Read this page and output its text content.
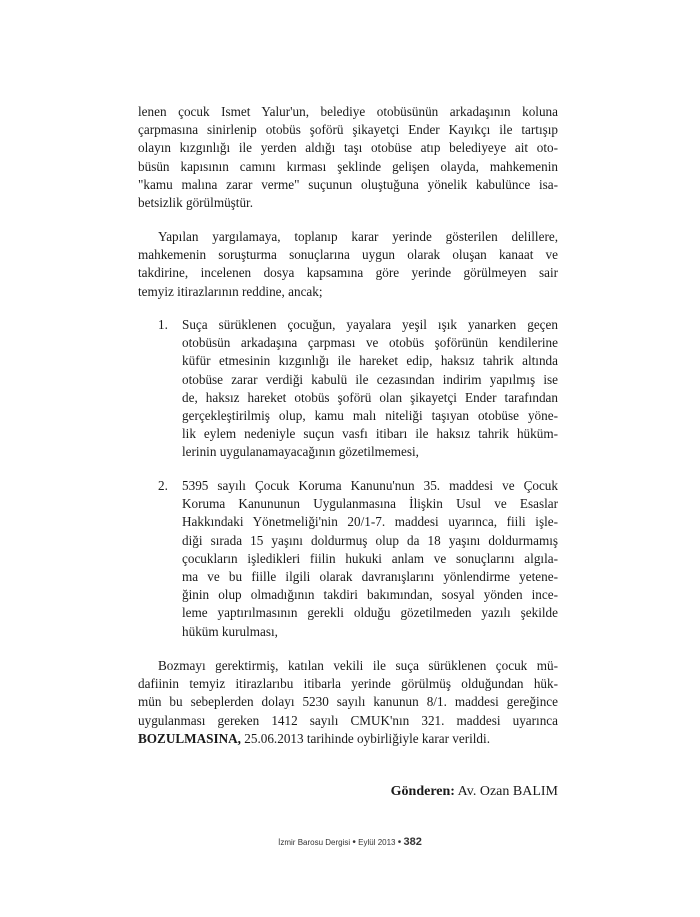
lenen çocuk Ismet Yalur'un, belediye otobüsünün arkadaşının koluna
çarpmasına sinirlenip otobüs şoförü şikayetçi Ender Kayıkçı ile tartışıp
olayın kızgınlığı ile yerden aldığı taşı otobüse atıp belediyeye ait oto-
büsün kapısının camını kırması şeklinde gelişen olayda, mahkemenin
"kamu malına zarar verme" suçunun oluştuğuna yönelik kabulünce isa-
betsizlik görülmüştür.
Yapılan yargılamaya, toplanıp karar yerinde gösterilen delillere,
mahkemenin soruşturma sonuçlarına uygun olarak oluşan kanaat ve
takdirine, incelenen dosya kapsamına göre yerinde görülmeyen sair
temyiz itirazlarının reddine, ancak;
1. Suça sürüklenen çocuğun, yayalara yeşil ışık yanarken geçen
otobüsün arkadaşına çarpması ve otobüs şoförünün kendilerine
küfür etmesinin kızgınlığı ile hareket edip, haksız tahrik altında
otobüse zarar verdiği kabulü ile cezasından indirim yapılmış ise
de, haksız hareket otobüs şoförü olan şikayetçi Ender tarafından
gerçekleştirilmiş olup, kamu malı niteliği taşıyan otobüse yöne-
lik eylem nedeniyle suçun vasfı itibarı ile haksız tahrik hüküm-
lerinin uygulanamayacağının gözetilmemesi,
2. 5395 sayılı Çocuk Koruma Kanunu'nun 35. maddesi ve Çocuk
Koruma Kanununun Uygulanmasına İlişkin Usul ve Esaslar
Hakkındaki Yönetmeliği'nin 20/1-7. maddesi uyarınca, fiili işle-
diği sırada 15 yaşını doldurmuş olup da 18 yaşını doldurmamış
çocukların işledikleri fiilin hukuki anlam ve sonuçlarını algıla-
ma ve bu fiille ilgili olarak davranışlarını yönlendirme yetene-
ğinin olup olmadığının takdiri bakımından, sosyal yönden ince-
leme yaptırılmasının gerekli olduğu gözetilmeden yazılı şekilde
hüküm kurulması,
Bozmayı gerektirmiş, katılan vekili ile suça sürüklenen çocuk mü-
dafiinin temyiz itirazlarıbu itibarla yerinde görülmüş olduğundan hük-
mün bu sebeplerden dolayı 5230 sayılı kanunun 8/1. maddesi gereğince
uygulanması gereken 1412 sayılı CMUK'nın 321. maddesi uyarınca
BOZULMASINA, 25.06.2013 tarihinde oybirliğiyle karar verildi.
Gönderen: Av. Ozan BALIM
İzmir Barosu Dergisi • Eylül 2013 • 382
